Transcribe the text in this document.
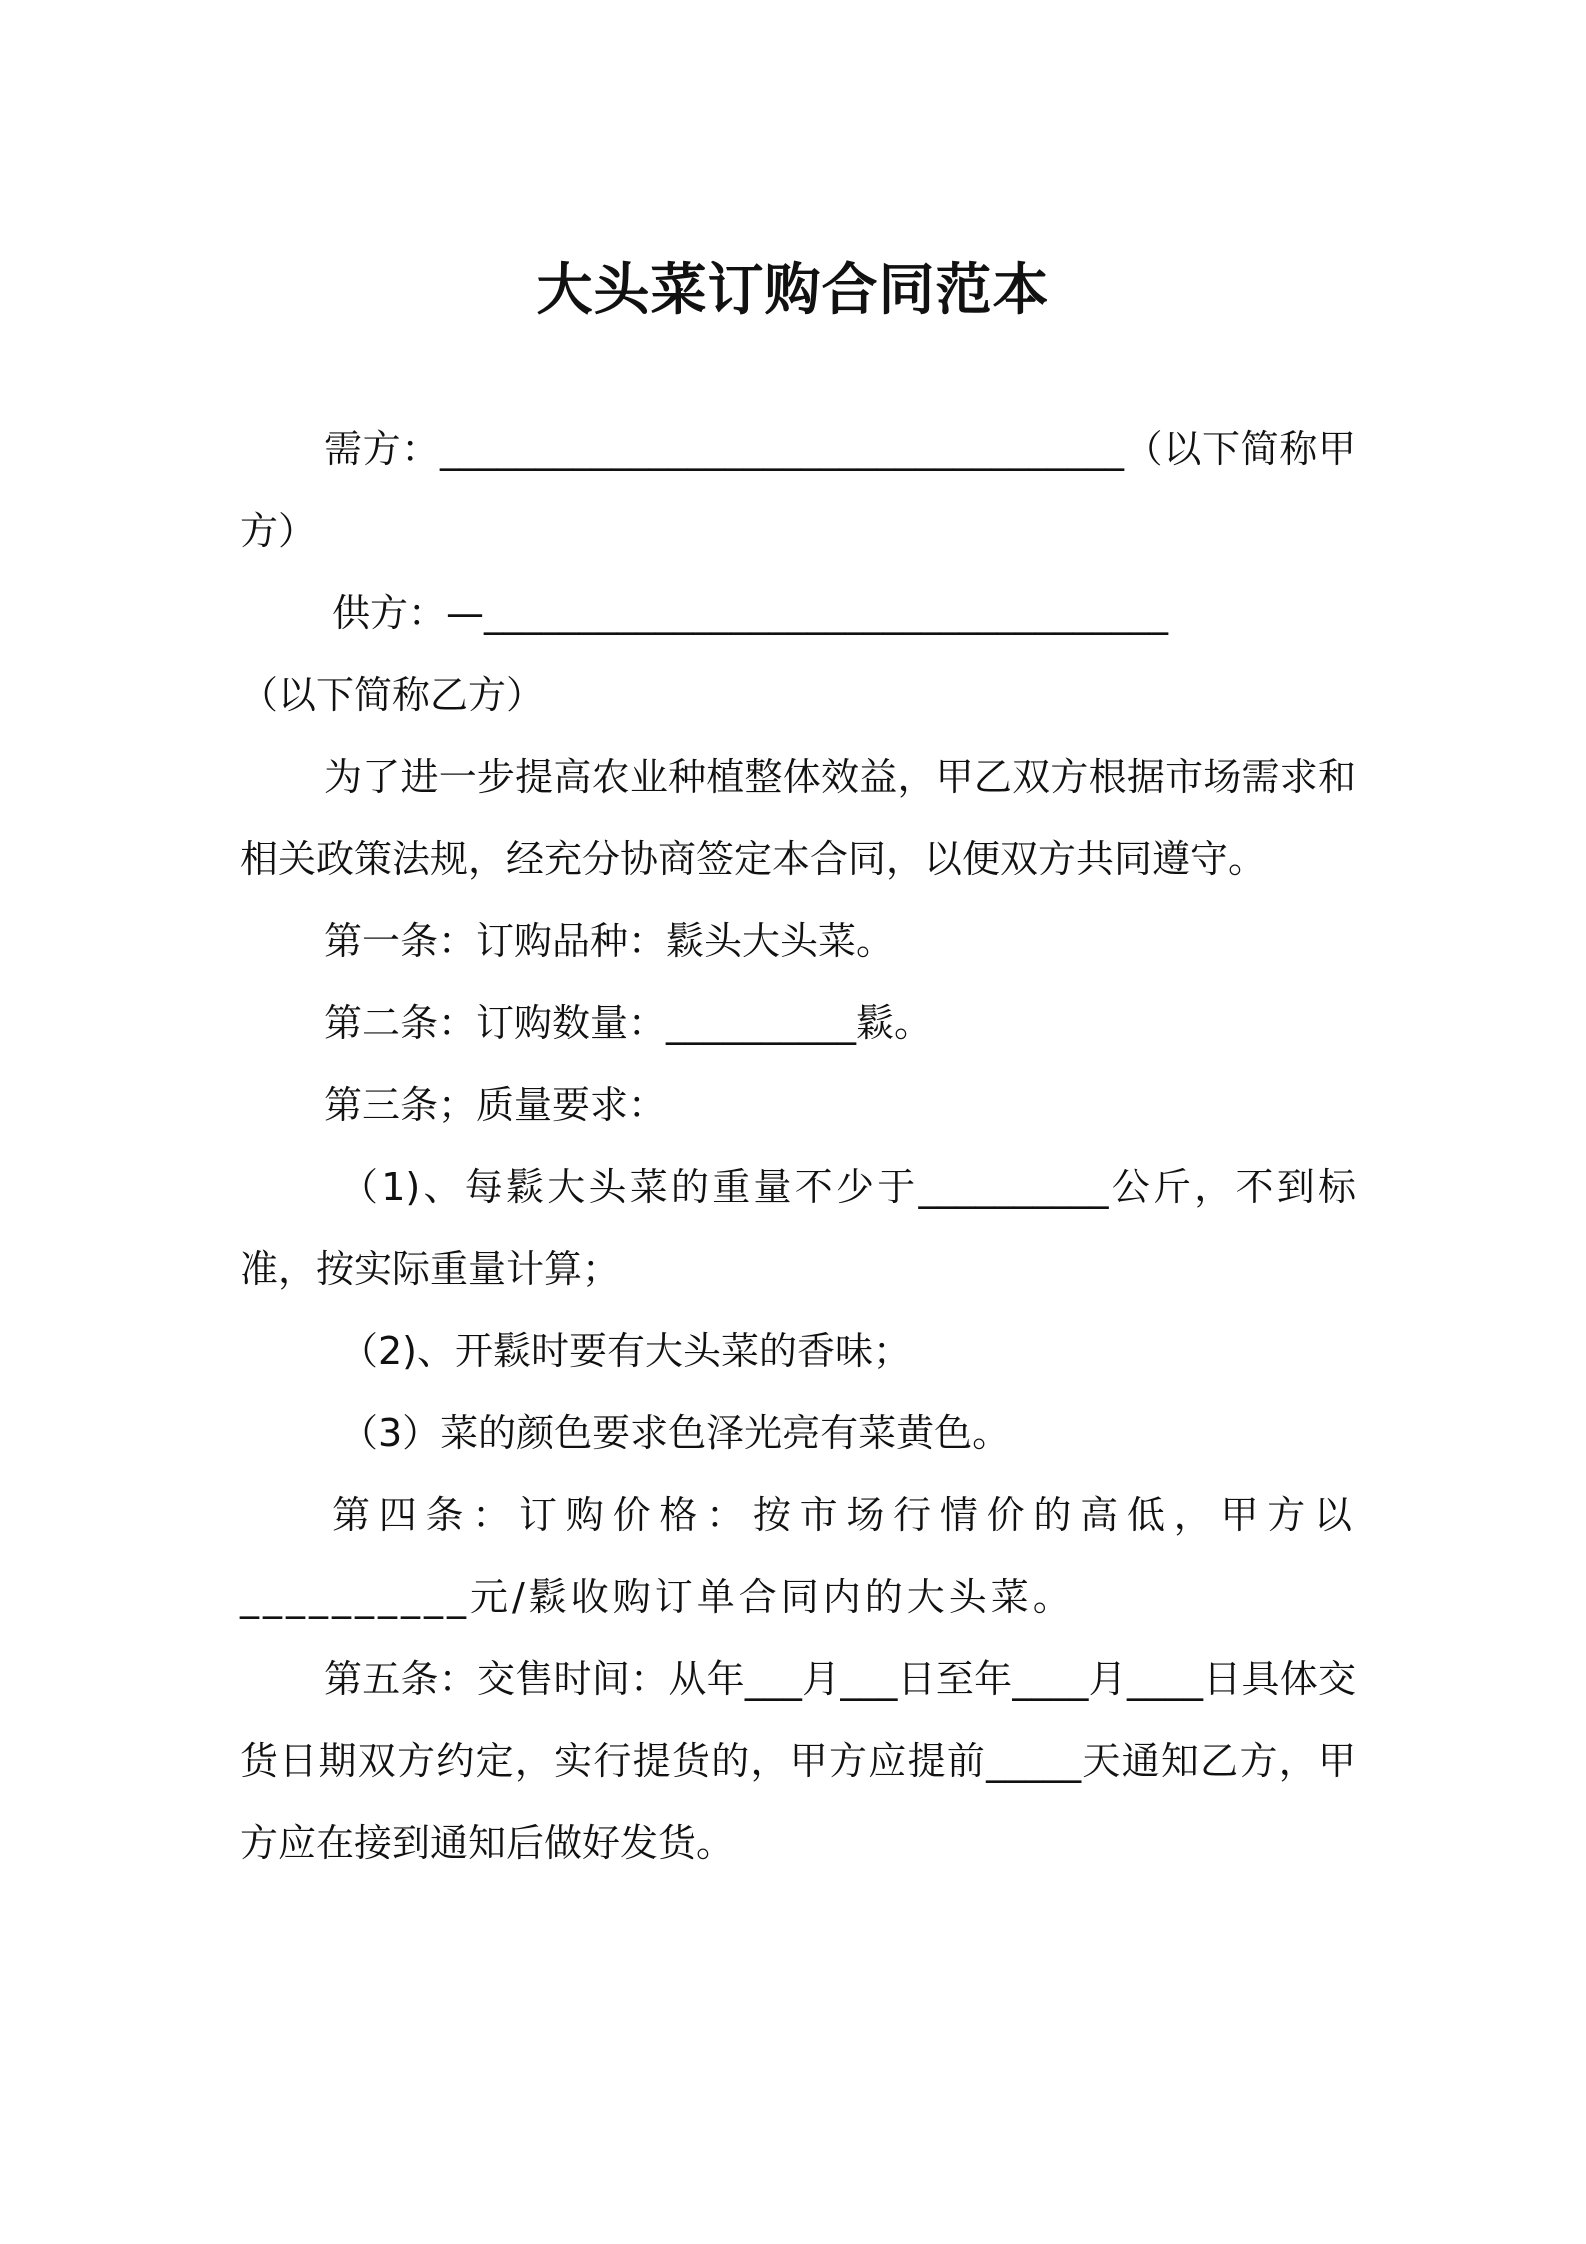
大头菜订购合同范本

需方：____________________________________（以下简称甲方）

供方：—____________________________________

（以下简称乙方）

为了进一步提高农业种植整体效益，甲乙双方根据市场需求和相关政策法规，经充分协商签定本合同，以便双方共同遵守。

第一条：订购品种：鬏头大头菜。

第二条：订购数量：__________鬏。

第三条；质量要求：

（1)、每鬏大头菜的重量不少于__________公斤，不到标准，按实际重量计算；

（2)、开鬏时要有大头菜的香味；

（3）菜的颜色要求色泽光亮有菜黄色。

第四条：订购价格：按市场行情价的高低，甲方以__________元/鬏收购订单合同内的大头菜。

第五条：交售时间：从年___月___日至年____月____日具体交货日期双方约定，实行提货的，甲方应提前_____天通知乙方，甲方应在接到通知后做好发货。
